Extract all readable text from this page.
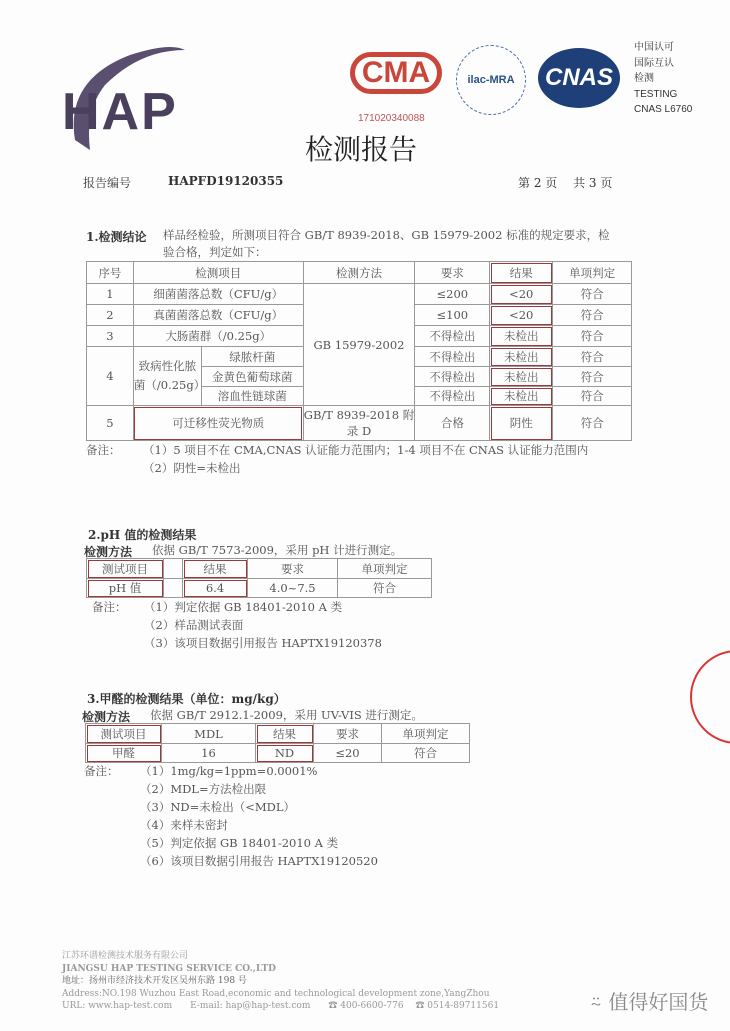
HAP
CMA	ilac-MRA	CNAS
171020340088
中国认可
国际互认
检测
TESTING
CNAS L6760
检测报告
报告编号	HAPFD19120355	第 2 页　 共 3 页
1.检测结论 样品经检验，所测项目符合 GB/T 8939-2018、GB 15979-2002 标准的规定要求，检
验合格，判定如下：
序号	检测项目		检测方法	要求	结果	单项判定
1	细菌菌落总数（CFU/g）		GB 15979-2002	≤200	<20	符合
2	真菌菌落总数（CFU/g）			≤100	<20	符合
3	大肠菌群（/0.25g）			不得检出	未检出	符合
4	致病性化脓菌（/0.25g）	绿脓杆菌		不得检出	未检出	符合
		金黄色葡萄球菌		不得检出	未检出	符合
		溶血性链球菌		不得检出	未检出	符合
5	可迁移性荧光物质		GB/T 8939-2018 附录 D	合格	阴性	符合
备注： （1）5 项目不在 CMA,CNAS 认证能力范围内；1-4 项目不在 CNAS 认证能力范围内
（2）阴性=未检出
2.pH 值的检测结果
检测方法 依据 GB/T 7573-2009，采用 pH 计进行测定。
测试项目		结果	要求	单项判定
pH 值		6.4	4.0~7.5	符合
备注： （1）判定依据 GB 18401-2010 A 类
（2）样品测试表面
（3）该项目数据引用报告 HAPTX19120378
3.甲醛的检测结果（单位：mg/kg）
检测方法 依据 GB/T 2912.1-2009，采用 UV-VIS 进行测定。
测试项目	MDL	结果	要求	单项判定
甲醛	16	ND	≤20	符合
备注： （1）1mg/kg=1ppm=0.0001%
（2）MDL=方法检出限
（3）ND=未检出（<MDL）
（4）来样未密封
（5）判定依据 GB 18401-2010 A 类
（6）该项目数据引用报告 HAPTX19120520
江苏环谱检测技术服务有限公司
JIANGSU HAP TESTING SERVICE CO.,LTD
地址：扬州市经济技术开发区吴州东路 198 号
Address:NO.198 Wuzhou East Road,economic and technological development zone,YangZhou
URL: www.hap-test.com　　E-mail: hap@hap-test.com　　☎ 400-6600-776　 ☎ 0514-89711561	⍨ 值得好国货
